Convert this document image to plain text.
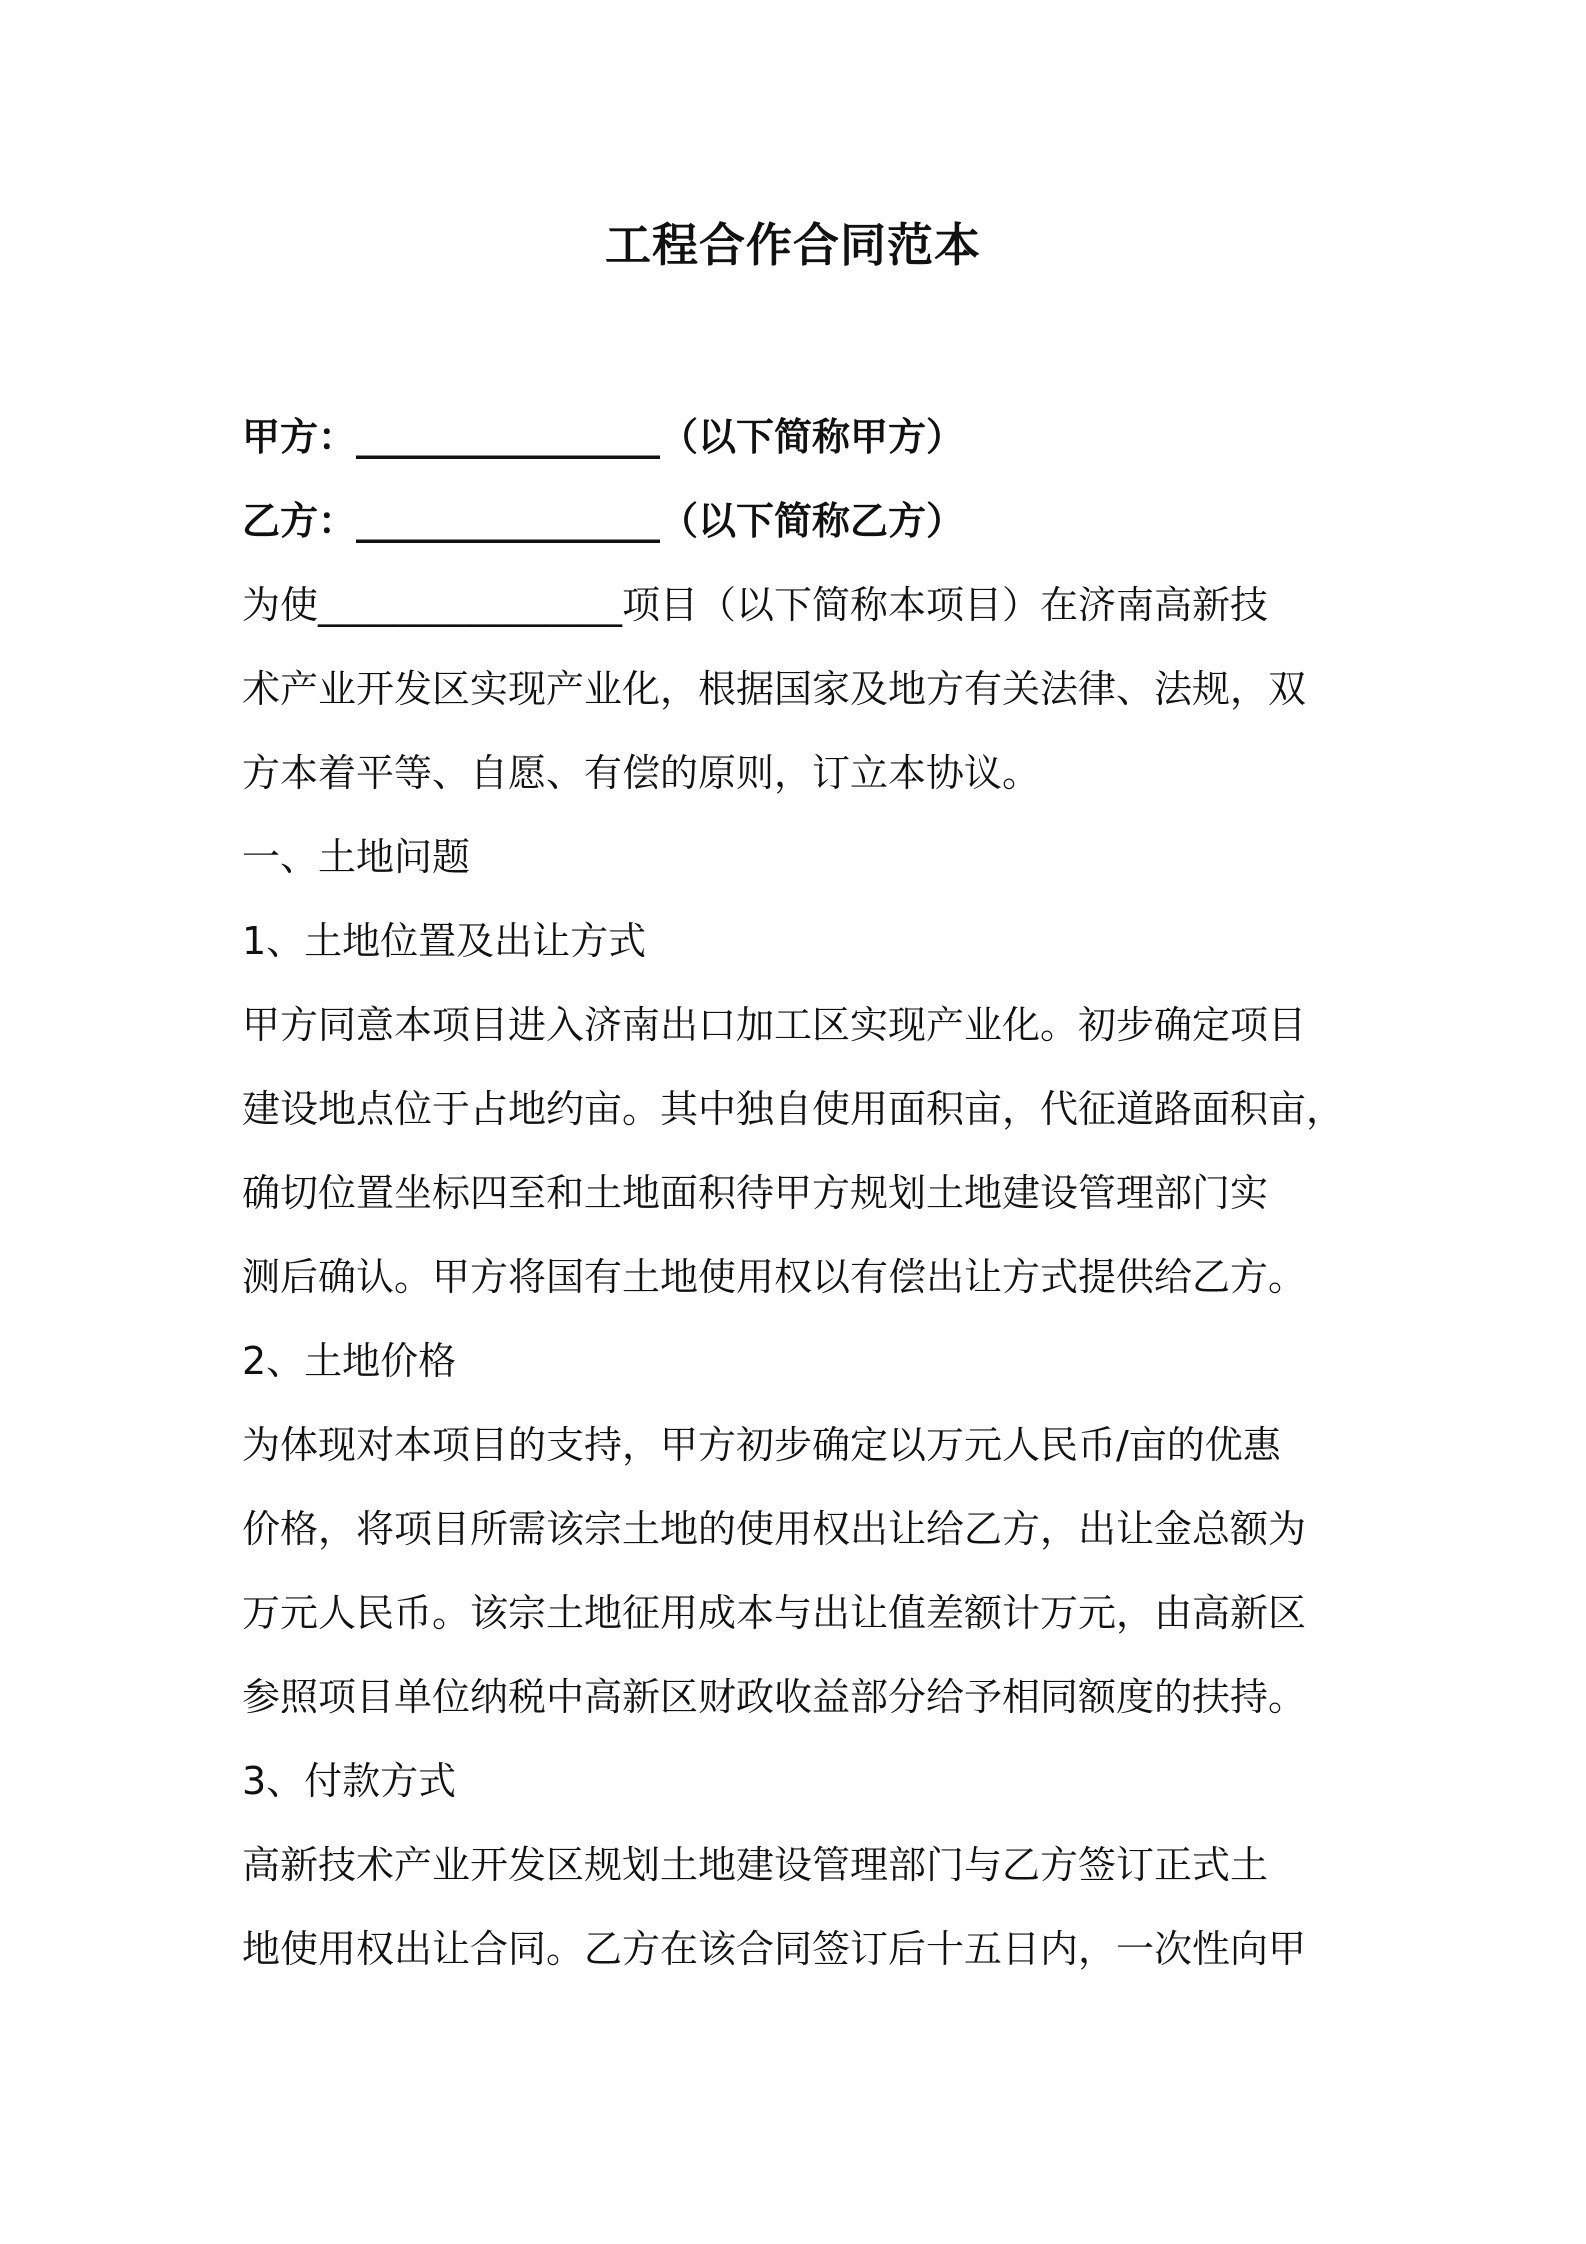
工程合作合同范本
甲方：________________（以下简称甲方）
乙方：________________（以下简称乙方）
为使________________项目（以下简称本项目）在济南高新技
术产业开发区实现产业化，根据国家及地方有关法律、法规，双
方本着平等、自愿、有偿的原则，订立本协议。
一、土地问题
1、土地位置及出让方式
甲方同意本项目进入济南出口加工区实现产业化。初步确定项目
建设地点位于占地约亩。其中独自使用面积亩，代征道路面积亩，
确切位置坐标四至和土地面积待甲方规划土地建设管理部门实
测后确认。甲方将国有土地使用权以有偿出让方式提供给乙方。
2、土地价格
为体现对本项目的支持，甲方初步确定以万元人民币/亩的优惠
价格，将项目所需该宗土地的使用权出让给乙方，出让金总额为
万元人民币。该宗土地征用成本与出让值差额计万元，由高新区
参照项目单位纳税中高新区财政收益部分给予相同额度的扶持。
3、付款方式
高新技术产业开发区规划土地建设管理部门与乙方签订正式土
地使用权出让合同。乙方在该合同签订后十五日内，一次性向甲
